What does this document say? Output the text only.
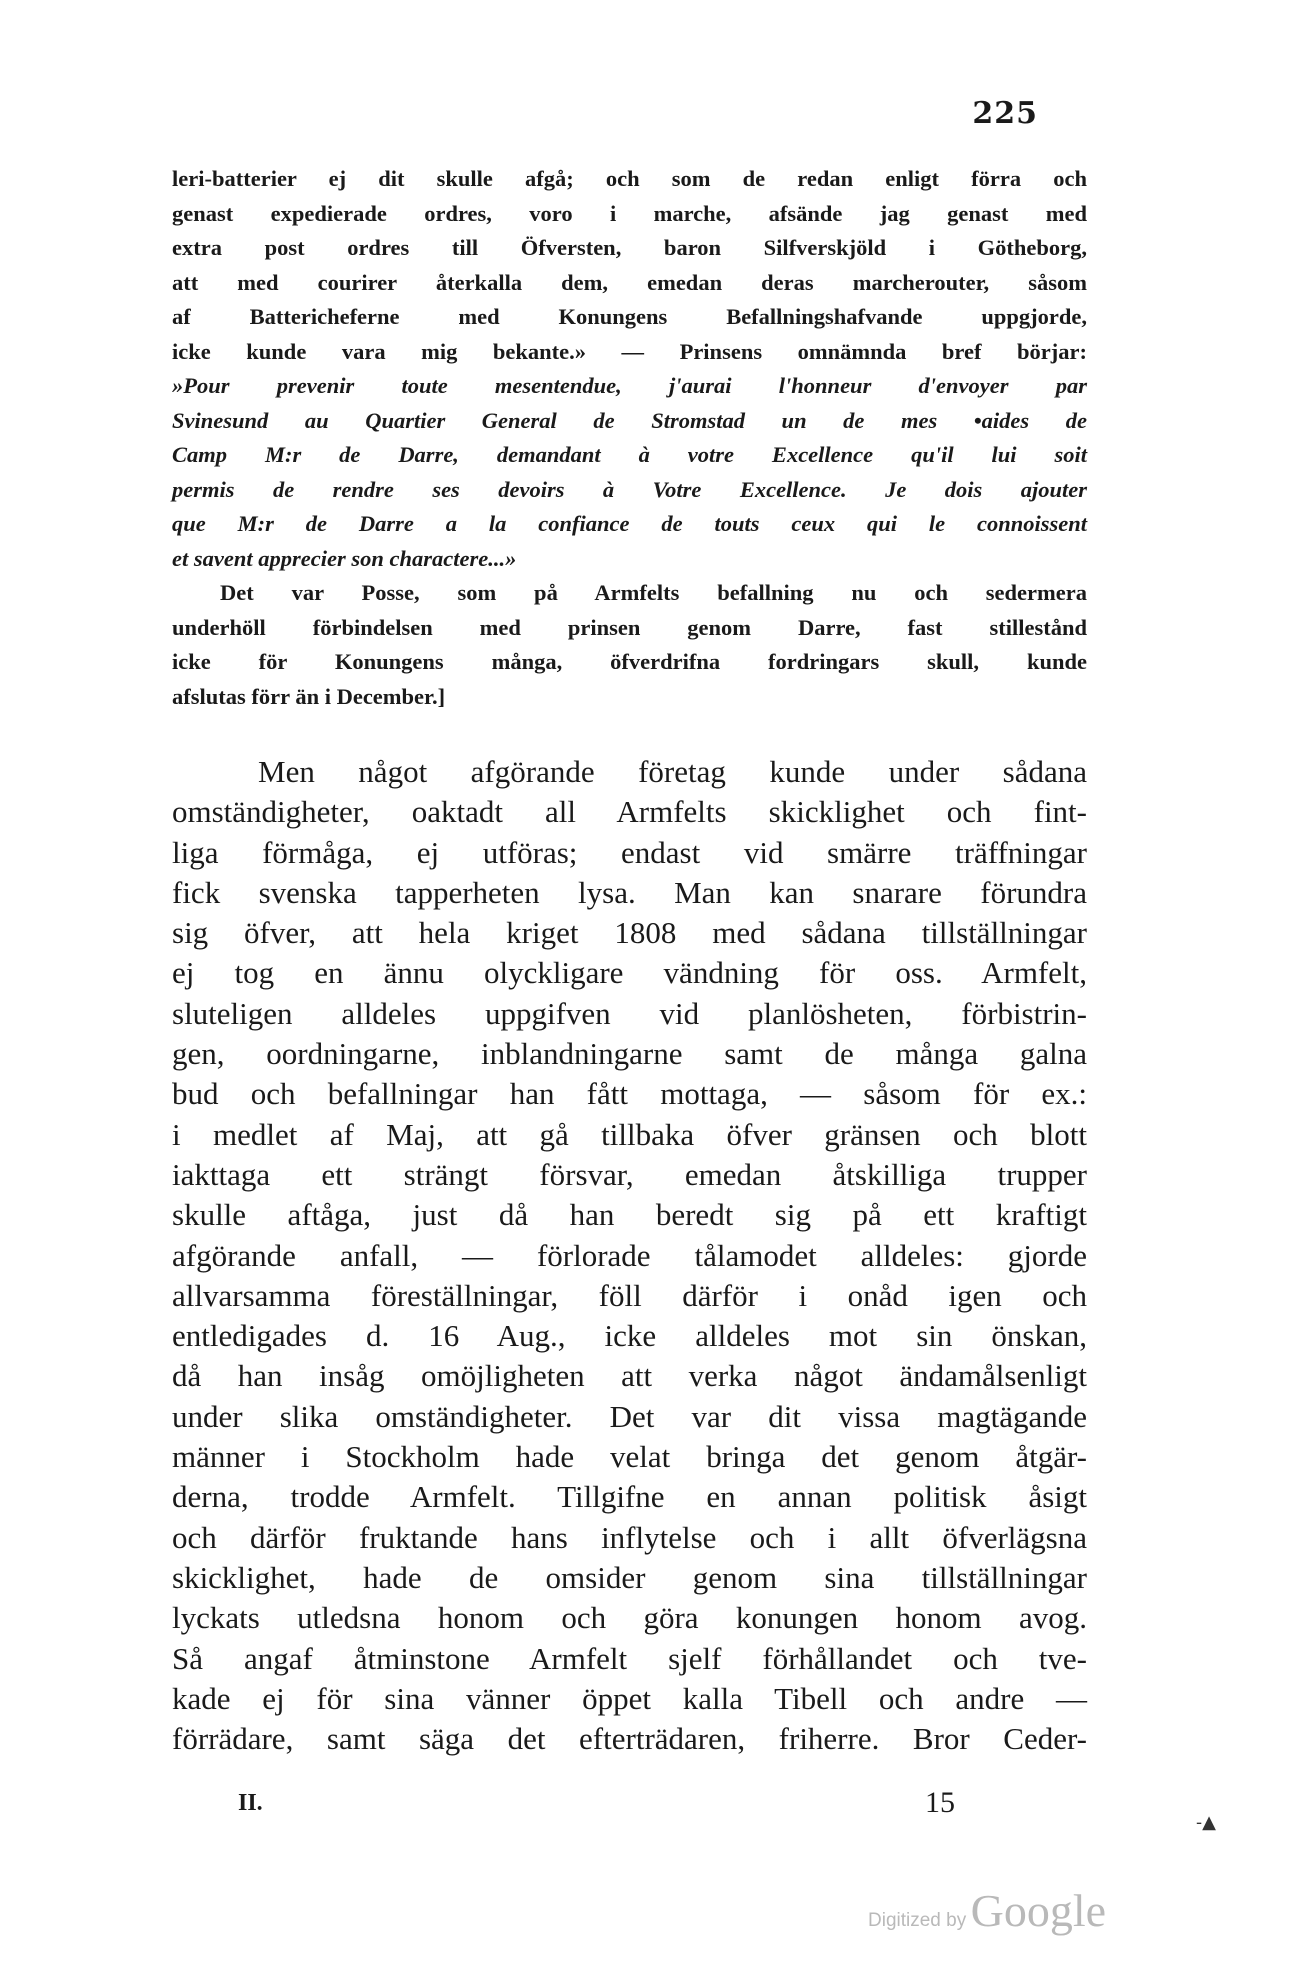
225
leri-batterier ej dit skulle afgå; och som de redan enligt förra och
genast expedierade ordres, voro i marche, afsände jag genast med
extra post ordres till Öfversten, baron Silfverskjöld i Götheborg,
att med courirer återkalla dem, emedan deras marcherouter, såsom
af Battericheferne med Konungens Befallningshafvande uppgjorde,
icke kunde vara mig bekante.» — Prinsens omnämnda bref börjar:
»Pour prevenir toute mesentendue, j'aurai l'honneur d'envoyer par
Svinesund au Quartier General de Stromstad un de mes •aides de
Camp M:r de Darre, demandant à votre Excellence qu'il lui soit
permis de rendre ses devoirs à Votre Excellence. Je dois ajouter
que M:r de Darre a la confiance de touts ceux qui le connoissent
et savent apprecier son charactere...»
Det var Posse, som på Armfelts befallning nu och sedermera
underhöll förbindelsen med prinsen genom Darre, fast stillestånd
icke för Konungens många, öfverdrifna fordringars skull, kunde
afslutas förr än i December.]
Men något afgörande företag kunde under sådana
omständigheter, oaktadt all Armfelts skicklighet och fint-
liga förmåga, ej utföras; endast vid smärre träffningar
fick svenska tapperheten lysa. Man kan snarare förundra
sig öfver, att hela kriget 1808 med sådana tillställningar
ej tog en ännu olyckligare vändning för oss. Armfelt,
sluteligen alldeles uppgifven vid planlösheten, förbistrin-
gen, oordningarne, inblandningarne samt de många galna
bud och befallningar han fått mottaga, — såsom för ex.:
i medlet af Maj, att gå tillbaka öfver gränsen och blott
iakttaga ett strängt försvar, emedan åtskilliga trupper
skulle aftåga, just då han beredt sig på ett kraftigt
afgörande anfall, — förlorade tålamodet alldeles: gjorde
allvarsamma föreställningar, föll därför i onåd igen och
entledigades d. 16 Aug., icke alldeles mot sin önskan,
då han insåg omöjligheten att verka något ändamålsenligt
under slika omständigheter. Det var dit vissa magtägande
männer i Stockholm hade velat bringa det genom åtgär-
derna, trodde Armfelt. Tillgifne en annan politisk åsigt
och därför fruktande hans inflytelse och i allt öfverlägsna
skicklighet, hade de omsider genom sina tillställningar
lyckats utledsna honom och göra konungen honom avog.
Så angaf åtminstone Armfelt sjelf förhållandet och tve-
kade ej för sina vänner öppet kalla Tibell och andre —
förrädare, samt säga det efterträdaren, friherre. Bror Ceder-
II.	15
-▲
Digitized by Google
